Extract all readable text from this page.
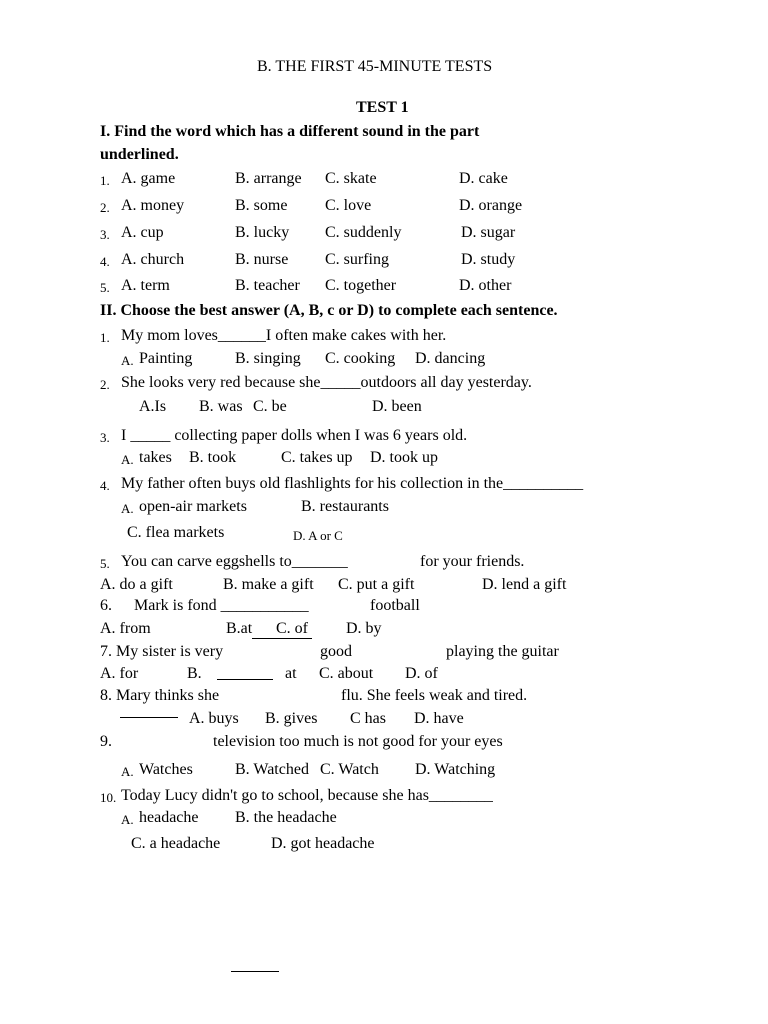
B. THE FIRST 45-MINUTE TESTS
TEST 1
I. Find the word which has a different sound in the part
underlined.
1. A. game	B. arrange C. skate	D. cake
2. A. money	B. some C. love	D. orange
3. A. cup	B. lucky C. suddenly	D. sugar
4. A. church	B. nurse C. surfing	D. study
5. A. term	B. teacher C. together	D. other
II. Choose the best answer (A, B, c or D) to complete each sentence.
1. My mom loves______I often make cakes with her.
A. Painting	B. singing C. cooking D. dancing
2. She looks very red because she_____outdoors all day yesterday.
A.Is B. was C. be	D. been
3. I _____ collecting paper dolls when I was 6 years old.
A. takes B. took	C. takes up D. took up
4. My father often buys old flashlights for his collection in the__________
A. open-air markets	B. restaurants
C. flea markets	D. A or C
5. You can carve eggshells to_______	for your friends.
A. do a gift	B. make a gift C. put a gift	D. lend a gift
6. Mark is fond ___________	football
A. from	B.at C. of D. by
7. My sister is very	good	playing the guitar
A. for	B.	at C. about D. of
8. Mary thinks she	flu. She feels weak and tired.
A. buys B. gives C has D. have
9.	television too much is not good for your eyes
A. Watches	B. Watched C. Watch D. Watching
10. Today Lucy didn't go to school, because she has________
A. headache B. the headache
C. a headache	D. got headache
